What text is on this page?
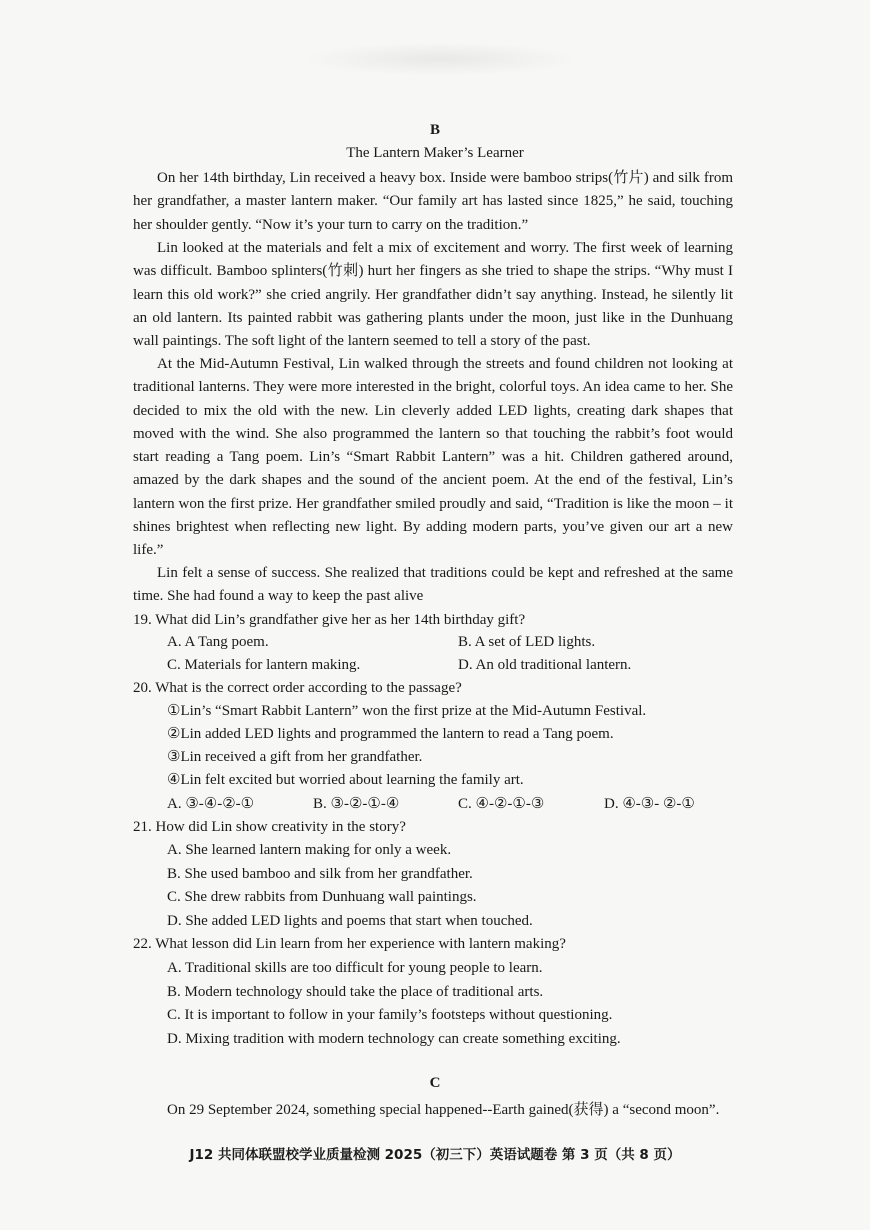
B
The Lantern Maker’s Learner
On her 14th birthday, Lin received a heavy box. Inside were bamboo strips(竹片) and silk from her grandfather, a master lantern maker. “Our family art has lasted since 1825,” he said, touching her shoulder gently. “Now it’s your turn to carry on the tradition.”
Lin looked at the materials and felt a mix of excitement and worry. The first week of learning was difficult. Bamboo splinters(竹刺) hurt her fingers as she tried to shape the strips. “Why must I learn this old work?” she cried angrily. Her grandfather didn’t say anything. Instead, he silently lit an old lantern. Its painted rabbit was gathering plants under the moon, just like in the Dunhuang wall paintings. The soft light of the lantern seemed to tell a story of the past.
At the Mid-Autumn Festival, Lin walked through the streets and found children not looking at traditional lanterns. They were more interested in the bright, colorful toys. An idea came to her. She decided to mix the old with the new. Lin cleverly added LED lights, creating dark shapes that moved with the wind. She also programmed the lantern so that touching the rabbit’s foot would start reading a Tang poem. Lin’s “Smart Rabbit Lantern” was a hit. Children gathered around, amazed by the dark shapes and the sound of the ancient poem. At the end of the festival, Lin’s lantern won the first prize. Her grandfather smiled proudly and said, “Tradition is like the moon – it shines brightest when reflecting new light. By adding modern parts, you’ve given our art a new life.”
Lin felt a sense of success. She realized that traditions could be kept and refreshed at the same time. She had found a way to keep the past alive
19. What did Lin’s grandfather give her as her 14th birthday gift?
A. A Tang poem.	B. A set of LED lights.
C. Materials for lantern making.	D. An old traditional lantern.
20. What is the correct order according to the passage?
①Lin’s “Smart Rabbit Lantern” won the first prize at the Mid-Autumn Festival.
②Lin added LED lights and programmed the lantern to read a Tang poem.
③Lin received a gift from her grandfather.
④Lin felt excited but worried about learning the family art.
A. ③-④-②-①	B. ③-②-①-④	C. ④-②-①-③	D. ④-③- ②-①
21. How did Lin show creativity in the story?
A. She learned lantern making for only a week.
B. She used bamboo and silk from her grandfather.
C. She drew rabbits from Dunhuang wall paintings.
D. She added LED lights and poems that start when touched.
22. What lesson did Lin learn from her experience with lantern making?
A. Traditional skills are too difficult for young people to learn.
B. Modern technology should take the place of traditional arts.
C. It is important to follow in your family’s footsteps without questioning.
D. Mixing tradition with modern technology can create something exciting.
C
On 29 September 2024, something special happened--Earth gained(获得) a “second moon”.
J12 共同体联盟校学业质量检测 2025（初三下）英语试题卷 第 3 页（共 8 页）
